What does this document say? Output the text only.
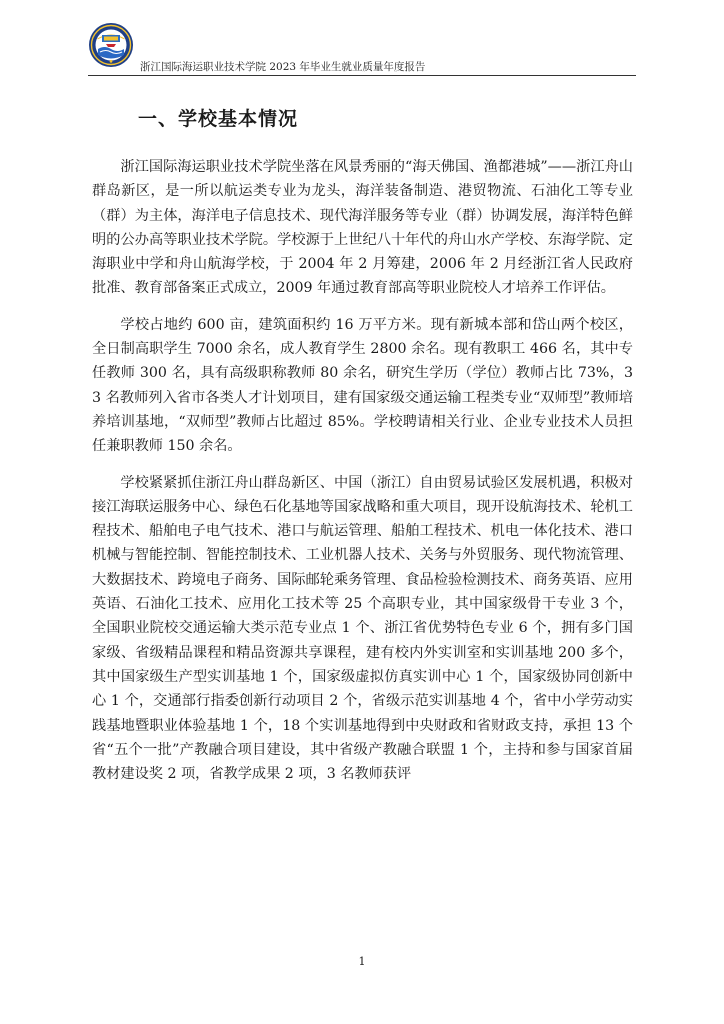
浙江国际海运职业技术学院 2023 年毕业生就业质量年度报告
一、学校基本情况

浙江国际海运职业技术学院坐落在风景秀丽的“海天佛国、渔都港城”——浙江舟山群岛新区，是一所以航运类专业为龙头，海洋装备制造、港贸物流、石油化工等专业（群）为主体，海洋电子信息技术、现代海洋服务等专业（群）协调发展，海洋特色鲜明的公办高等职业技术学院。学校源于上世纪八十年代的舟山水产学校、东海学院、定海职业中学和舟山航海学校，于 2004 年 2 月筹建，2006 年 2 月经浙江省人民政府批准、教育部备案正式成立，2009 年通过教育部高等职业院校人才培养工作评估。

学校占地约 600 亩，建筑面积约 16 万平方米。现有新城本部和岱山两个校区，全日制高职学生 7000 余名，成人教育学生 2800 余名。现有教职工 466 名，其中专任教师 300 名，具有高级职称教师 80 余名，研究生学历（学位）教师占比 73%，33 名教师列入省市各类人才计划项目，建有国家级交通运输工程类专业“双师型”教师培养培训基地，“双师型”教师占比超过 85%。学校聘请相关行业、企业专业技术人员担任兼职教师 150 余名。

学校紧紧抓住浙江舟山群岛新区、中国（浙江）自由贸易试验区发展机遇，积极对接江海联运服务中心、绿色石化基地等国家战略和重大项目，现开设航海技术、轮机工程技术、船舶电子电气技术、港口与航运管理、船舶工程技术、机电一体化技术、港口机械与智能控制、智能控制技术、工业机器人技术、关务与外贸服务、现代物流管理、大数据技术、跨境电子商务、国际邮轮乘务管理、食品检验检测技术、商务英语、应用英语、石油化工技术、应用化工技术等 25 个高职专业，其中国家级骨干专业 3 个，全国职业院校交通运输大类示范专业点 1 个、浙江省优势特色专业 6 个，拥有多门国家级、省级精品课程和精品资源共享课程，建有校内外实训室和实训基地 200 多个，其中国家级生产型实训基地 1 个，国家级虚拟仿真实训中心 1 个，国家级协同创新中心 1 个，交通部行指委创新行动项目 2 个，省级示范实训基地 4 个，省中小学劳动实践基地暨职业体验基地 1 个，18 个实训基地得到中央财政和省财政支持，承担 13 个省“五个一批”产教融合项目建设，其中省级产教融合联盟 1 个，主持和参与国家首届教材建设奖 2 项，省教学成果 2 项，3 名教师获评

1
